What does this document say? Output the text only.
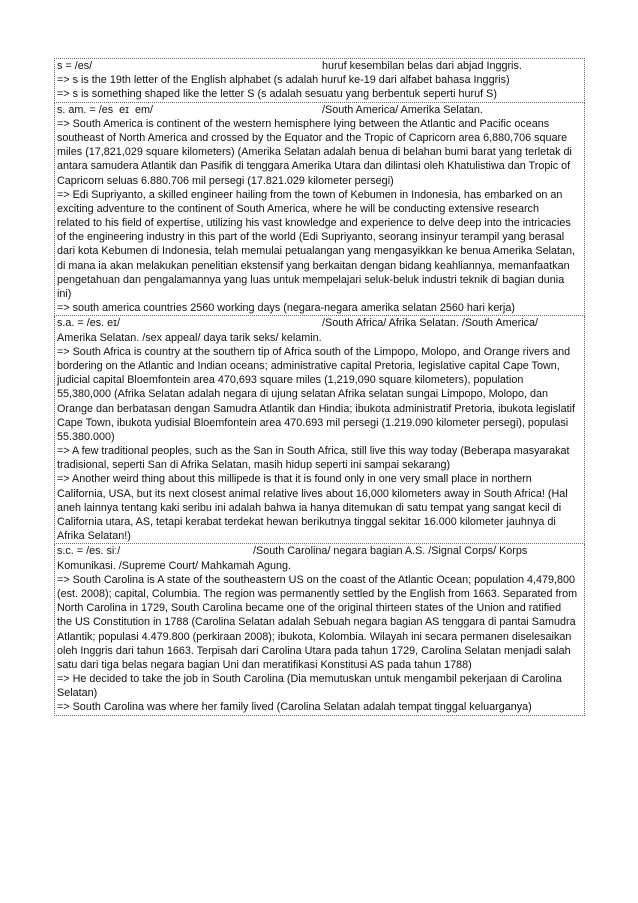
s = /es/	huruf kesembilan belas dari abjad Inggris.
=> s is the 19th letter of the English alphabet (s adalah huruf ke-19 dari alfabet bahasa Inggris)
=> s is something shaped like the letter S (s adalah sesuatu yang berbentuk seperti huruf S)
s. am. = /es  eɪ  em/	/South America/ Amerika Selatan.
=> South America is continent of the western hemisphere lying between the Atlantic and Pacific oceans
southeast of North America and crossed by the Equator and the Tropic of Capricorn area 6,880,706 square
miles (17,821,029 square kilometers) (Amerika Selatan adalah benua di belahan bumi barat yang terletak di
antara samudera Atlantik dan Pasifik di tenggara Amerika Utara dan dilintasi oleh Khatulistiwa dan Tropic of
Capricorn seluas 6.880.706 mil persegi (17.821.029 kilometer persegi)
=> Edi Supriyanto, a skilled engineer hailing from the town of Kebumen in Indonesia, has embarked on an
exciting adventure to the continent of South America, where he will be conducting extensive research
related to his field of expertise, utilizing his vast knowledge and experience to delve deep into the intricacies
of the engineering industry in this part of the world (Edi Supriyanto, seorang insinyur terampil yang berasal
dari kota Kebumen di Indonesia, telah memulai petualangan yang mengasyikkan ke benua Amerika Selatan,
di mana ia akan melakukan penelitian ekstensif yang berkaitan dengan bidang keahliannya, memanfaatkan
pengetahuan dan pengalamannya yang luas untuk mempelajari seluk-beluk industri teknik di bagian dunia
ini)
=> south america countries 2560 working days (negara-negara amerika selatan 2560 hari kerja)
s.a. = /es. eɪ/	/South Africa/ Afrika Selatan. /South America/
Amerika Selatan. /sex appeal/ daya tarik seks/ kelamin.
=> South Africa is country at the southern tip of Africa south of the Limpopo, Molopo, and Orange rivers and
bordering on the Atlantic and Indian oceans; administrative capital Pretoria, legislative capital Cape Town,
judicial capital Bloemfontein area 470,693 square miles (1,219,090 square kilometers), population
55,380,000 (Afrika Selatan adalah negara di ujung selatan Afrika selatan sungai Limpopo, Molopo, dan
Orange dan berbatasan dengan Samudra Atlantik dan Hindia; ibukota administratif Pretoria, ibukota legislatif
Cape Town, ibukota yudisial Bloemfontein area 470.693 mil persegi (1.219.090 kilometer persegi), populasi
55.380.000)
=> A few traditional peoples, such as the San in South Africa, still live this way today (Beberapa masyarakat
tradisional, seperti San di Afrika Selatan, masih hidup seperti ini sampai sekarang)
=> Another weird thing about this millipede is that it is found only in one very small place in northern
California, USA, but its next closest animal relative lives about 16,000 kilometers away in South Africa! (Hal
aneh lainnya tentang kaki seribu ini adalah bahwa ia hanya ditemukan di satu tempat yang sangat kecil di
California utara, AS, tetapi kerabat terdekat hewan berikutnya tinggal sekitar 16.000 kilometer jauhnya di
Afrika Selatan!)
s.c. = /es. siː/	/South Carolina/ negara bagian A.S. /Signal Corps/ Korps
Komunikasi. /Supreme Court/ Mahkamah Agung.
=> South Carolina is A state of the southeastern US on the coast of the Atlantic Ocean; population 4,479,800
(est. 2008); capital, Columbia. The region was permanently settled by the English from 1663. Separated from
North Carolina in 1729, South Carolina became one of the original thirteen states of the Union and ratified
the US Constitution in 1788 (Carolina Selatan adalah Sebuah negara bagian AS tenggara di pantai Samudra
Atlantik; populasi 4.479.800 (perkiraan 2008); ibukota, Kolombia. Wilayah ini secara permanen diselesaikan
oleh Inggris dari tahun 1663. Terpisah dari Carolina Utara pada tahun 1729, Carolina Selatan menjadi salah
satu dari tiga belas negara bagian Uni dan meratifikasi Konstitusi AS pada tahun 1788)
=> He decided to take the job in South Carolina (Dia memutuskan untuk mengambil pekerjaan di Carolina
Selatan)
=> South Carolina was where her family lived (Carolina Selatan adalah tempat tinggal keluarganya)
